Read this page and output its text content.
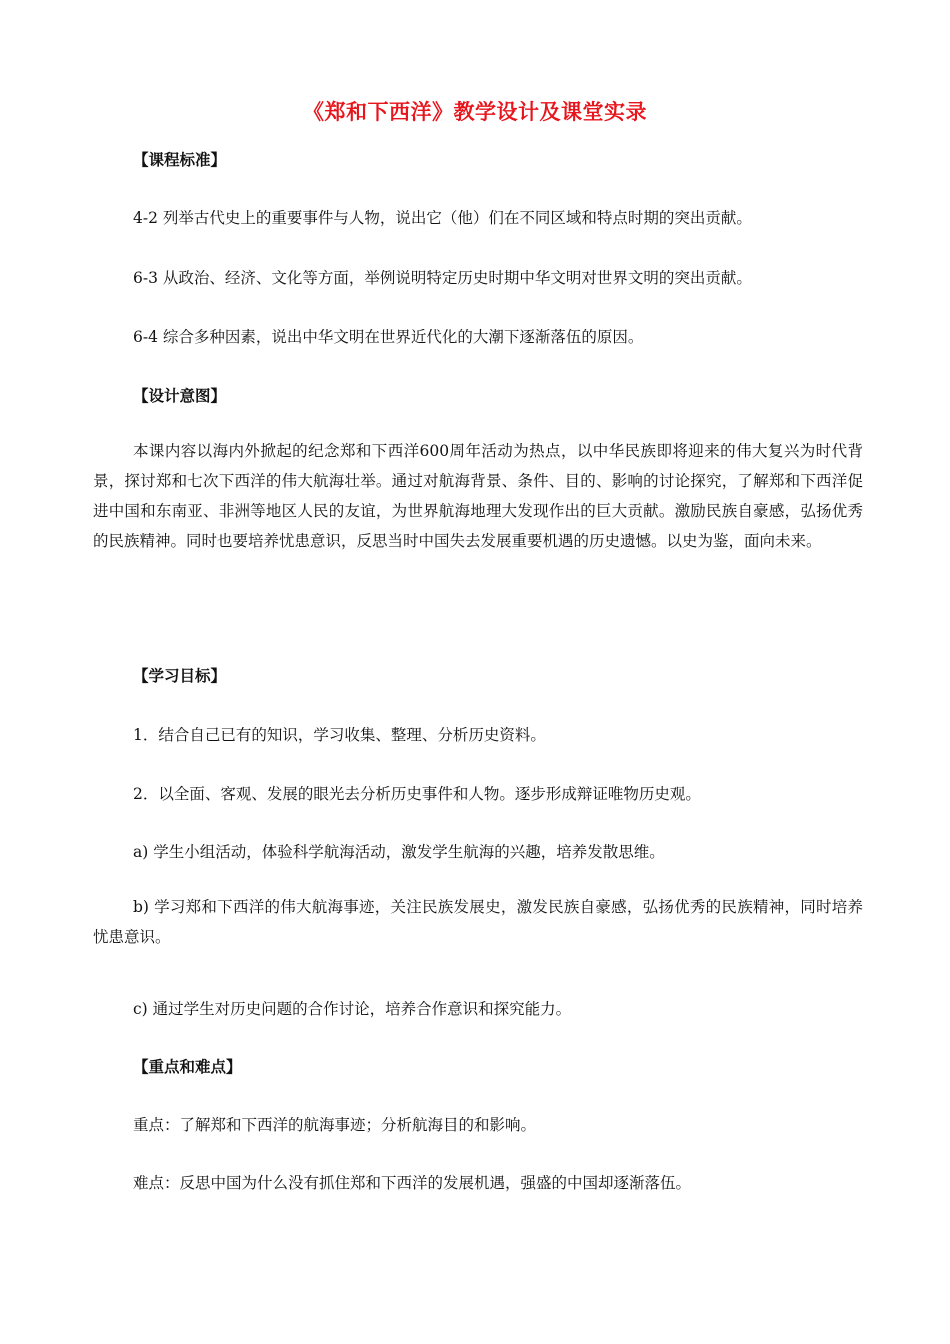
《郑和下西洋》教学设计及课堂实录
【课程标准】
4-2 列举古代史上的重要事件与人物，说出它（他）们在不同区域和特点时期的突出贡献。
6-3 从政治、经济、文化等方面，举例说明特定历史时期中华文明对世界文明的突出贡献。
6-4 综合多种因素，说出中华文明在世界近代化的大潮下逐渐落伍的原因。
【设计意图】
本课内容以海内外掀起的纪念郑和下西洋600周年活动为热点，以中华民族即将迎来的伟大复兴为时代背景，探讨郑和七次下西洋的伟大航海壮举。通过对航海背景、条件、目的、影响的讨论探究，了解郑和下西洋促进中国和东南亚、非洲等地区人民的友谊，为世界航海地理大发现作出的巨大贡献。激励民族自豪感，弘扬优秀的民族精神。同时也要培养忧患意识，反思当时中国失去发展重要机遇的历史遗憾。以史为鉴，面向未来。
【学习目标】
1．结合自己已有的知识，学习收集、整理、分析历史资料。
2．以全面、客观、发展的眼光去分析历史事件和人物。逐步形成辩证唯物历史观。
a) 学生小组活动，体验科学航海活动，激发学生航海的兴趣，培养发散思维。
b) 学习郑和下西洋的伟大航海事迹，关注民族发展史，激发民族自豪感，弘扬优秀的民族精神，同时培养忧患意识。
c) 通过学生对历史问题的合作讨论，培养合作意识和探究能力。
【重点和难点】
重点：了解郑和下西洋的航海事迹；分析航海目的和影响。
难点：反思中国为什么没有抓住郑和下西洋的发展机遇，强盛的中国却逐渐落伍。
